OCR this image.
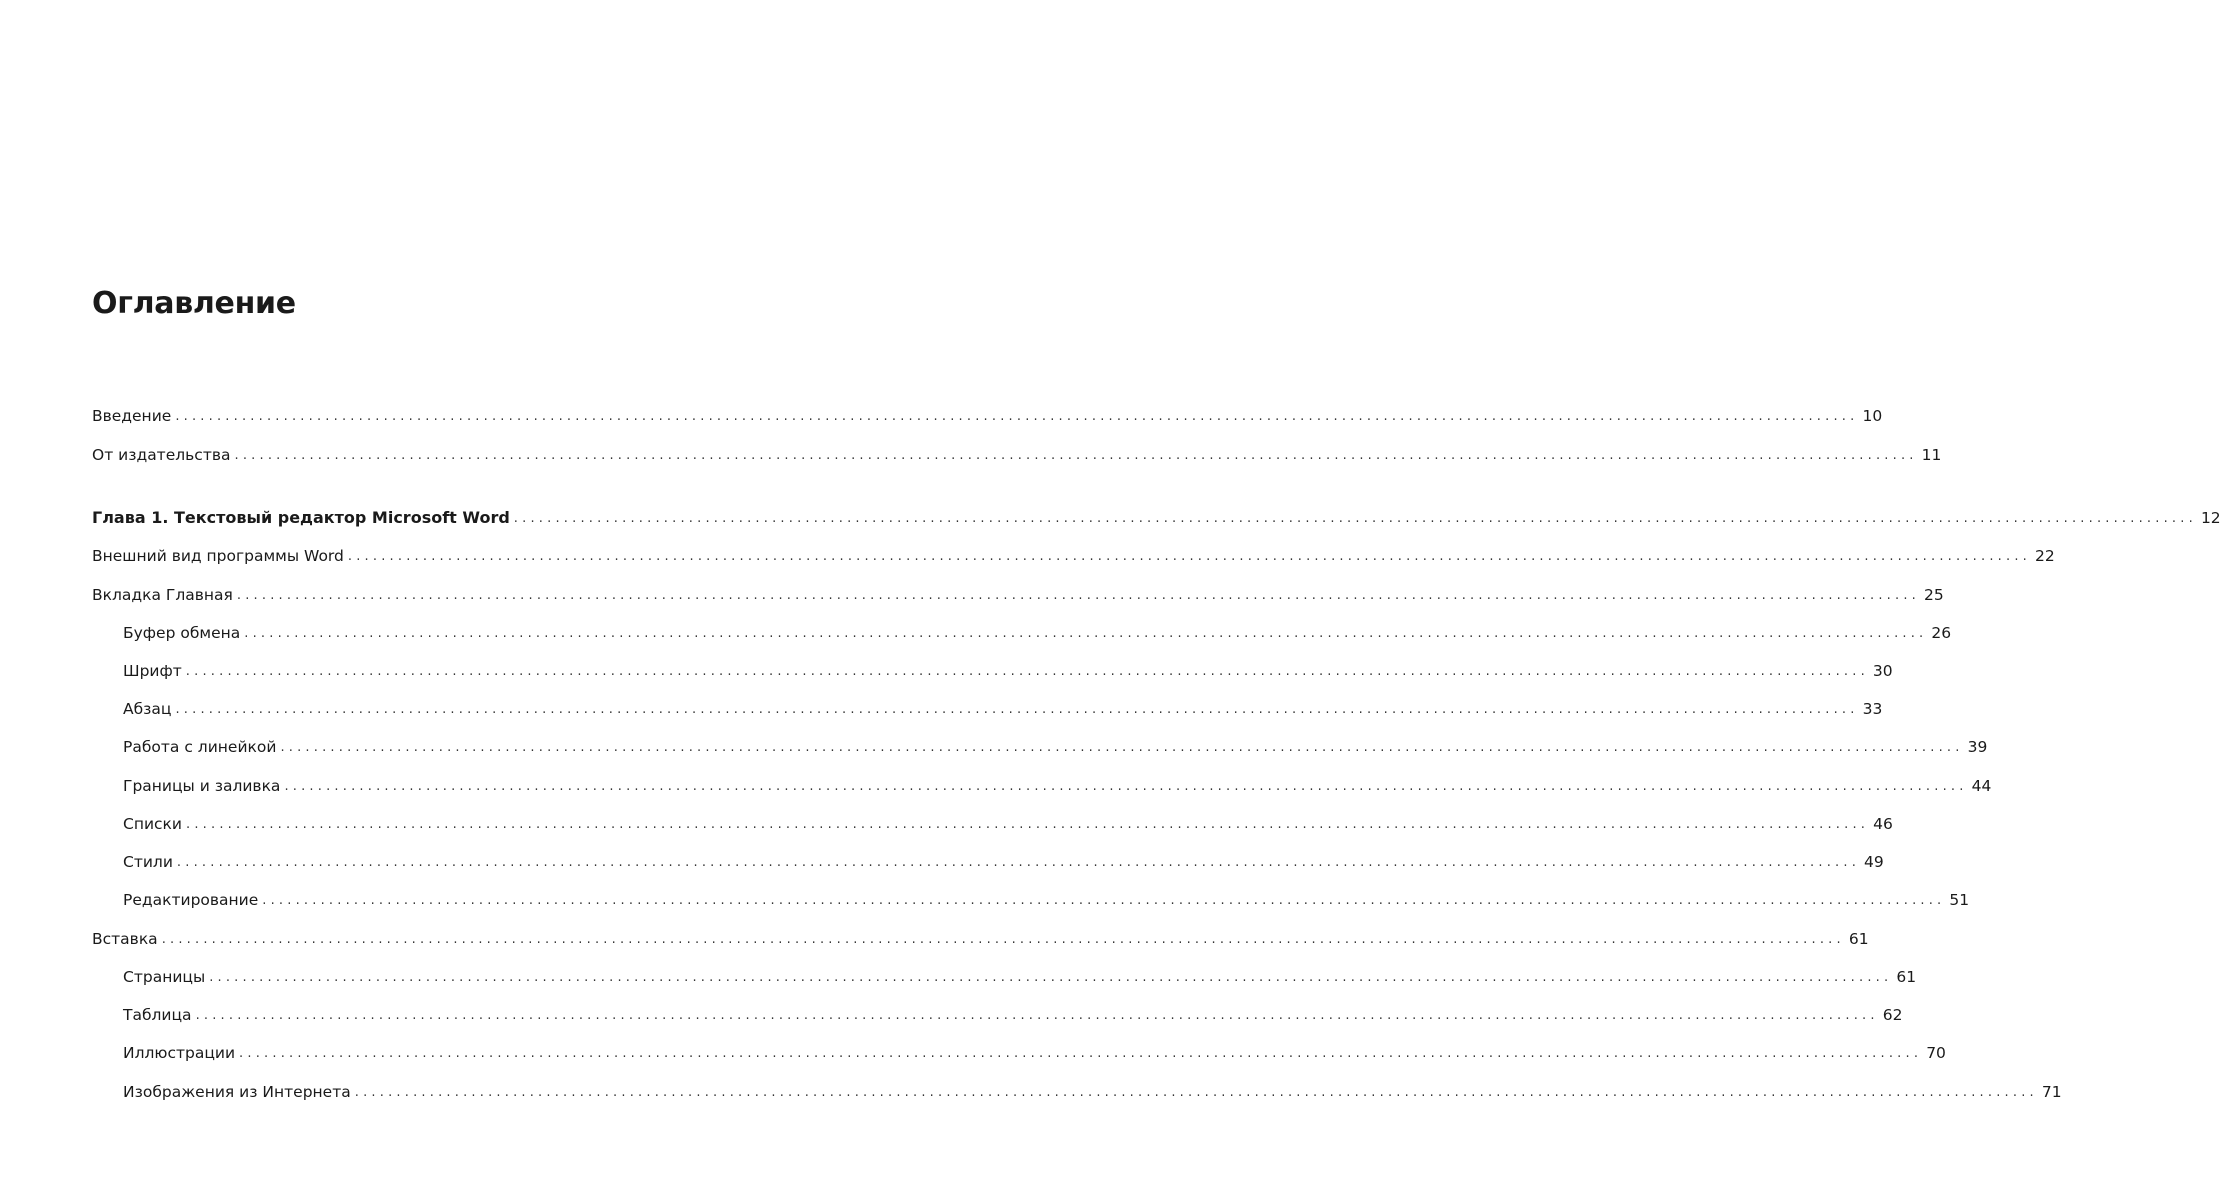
Оглавление
Введение .......................................................................................................................................................................................................... 10
От издательства .......................................................................................................................................................................................................... 11
Глава 1. Текстовый редактор Microsoft Word .......................................................................................................................................................................................................... 12
Внешний вид программы Word .......................................................................................................................................................................................................... 22
Вкладка Главная .......................................................................................................................................................................................................... 25
Буфер обмена .......................................................................................................................................................................................................... 26
Шрифт .......................................................................................................................................................................................................... 30
Абзац .......................................................................................................................................................................................................... 33
Работа с линейкой .......................................................................................................................................................................................................... 39
Границы и заливка .......................................................................................................................................................................................................... 44
Списки .......................................................................................................................................................................................................... 46
Стили .......................................................................................................................................................................................................... 49
Редактирование .......................................................................................................................................................................................................... 51
Вставка .......................................................................................................................................................................................................... 61
Страницы .......................................................................................................................................................................................................... 61
Таблица .......................................................................................................................................................................................................... 62
Иллюстрации .......................................................................................................................................................................................................... 70
Изображения из Интернета .......................................................................................................................................................................................................... 71
